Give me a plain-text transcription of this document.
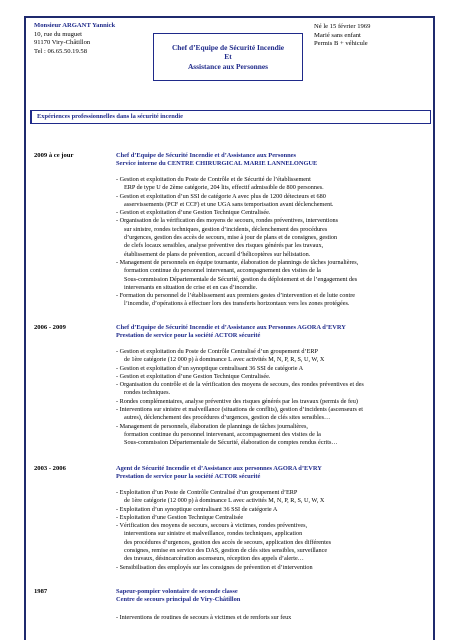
Monsieur ARGANT Yannick
10, rue du muguet
91170 Viry-Châtillon
Tel : 06.65.50.19.58	Chef d’Equipe de Sécurité Incendie
Et
Assistance aux Personnes
Né le 15 février 1969
Marié sans enfant
Permis B + véhicule
Expériences professionnelles dans la sécurité incendie
2009 à ce jour	Chef d’Equipe de Sécurité Incendie et d’Assistance aux Personnes
Service interne du CENTRE CHIRURGICAL MARIE LANNELONGUE
- Gestion et exploitation du Poste de Contrôle et de Sécurité de l’établissement
ERP de type U de 2ème catégorie, 204 lits, effectif admissible de 800 personnes.
- Gestion et exploitation d’un SSI de catégorie A avec plus de 1200 détecteurs et 680
asservissements (PCF et CCF) et une UGA sans temporisation avant déclenchement.
- Gestion et exploitation d’une Gestion Technique Centralisée.
- Organisation de la vérification des moyens de secours, rondes préventives, interventions
sur sinistre, rondes techniques, gestion d’incidents, déclenchement des procédures
d’urgences, gestion des accès de secours, mise à jour de plans et de consignes, gestion
de clefs locaux sensibles, analyse préventive des risques générés par les travaux,
établissement de plans de prévention, accueil d’hélicoptères sur hélistation.
- Management de personnels en équipe tournante, élaboration de plannings de tâches journalières,
formation continue du personnel intervenant, accompagnement des visites de la
Sous-commission Départementale de Sécurité, gestion du déploiement et de l’engagement des
intervenants en situation de crise et en cas d’incendie.
- Formation du personnel de l’établissement aux premiers gestes d’intervention et de lutte contre
l’incendie, d’opérations à effectuer lors des transferts horizontaux vers les zones protégées.
2006 - 2009	Chef d’Equipe de Sécurité Incendie et d’Assistance aux Personnes AGORA d’EVRY
Prestation de service pour la société ACTOR sécurité
- Gestion et exploitation du Poste de Contrôle Centralisé d’un groupement d’ERP
de 1ère catégorie (12 000 p) à dominance L avec activités M, N, P, R, S, U, W, X
- Gestion et exploitation d’un synoptique centralisant 36 SSI de catégorie A
- Gestion et exploitation d’une Gestion Technique Centralisée.
- Organisation du contrôle et de la vérification des moyens de secours, des rondes préventives et des
rondes techniques.
- Rondes complémentaires, analyse préventive des risques générés par les travaux (permis de feu)
- Interventions sur sinistre et malveillance (situations de conflits), gestion d’incidents (ascenseurs et
autres), déclenchement des procédures d’urgences, gestion de clés sites sensibles…
- Management de personnels, élaboration de plannings de tâches journalières,
formation continue du personnel intervenant, accompagnement des visites de la
Sous-commission Départementale de Sécurité, élaboration de comptes rendus écrits…
2003 - 2006	Agent de Sécurité Incendie et d’Assistance aux personnes AGORA d’EVRY
Prestation de service pour la société ACTOR sécurité
- Exploitation d’un Poste de Contrôle Centralisé d’un groupement d’ERP
de 1ère catégorie (12 000 p) à dominance L avec activités M, N, P, R, S, U, W, X
- Exploitation d’un synoptique centralisant 36 SSI de catégorie A
- Exploitation d’une Gestion Technique Centralisée
- Vérification des moyens de secours, secours à victimes, rondes préventives,
interventions sur sinistre et malveillance, rondes techniques, application
des procédures d’urgences, gestion des accès de secours, application des différentes
consignes, remise en service des DAS, gestion de clés sites sensibles, surveillance
des travaux, désincarcération ascenseurs, réception des appels d’alerte…
- Sensibilisation des employés sur les consignes de prévention et d’intervention
1987	Sapeur-pompier volontaire de seconde classe
Centre de secours principal de Viry-Châtillon
- Interventions de routines de secours à victimes et de renforts sur feux
